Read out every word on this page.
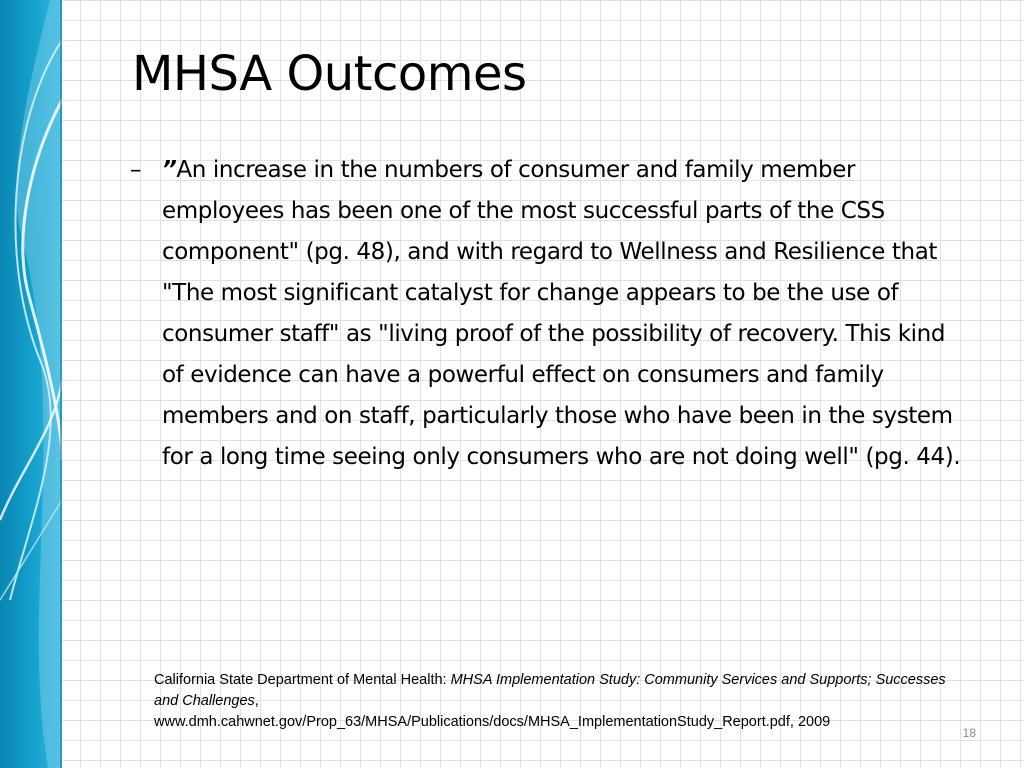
MHSA Outcomes
– ”An increase in the numbers of consumer and family member employees has been one of the most successful parts of the CSS component" (pg. 48), and with regard to Wellness and Resilience that "The most significant catalyst for change appears to be the use of consumer staff" as "living proof of the possibility of recovery. This kind of evidence can have a powerful effect on consumers and family members and on staff, particularly those who have been in the system for a long time seeing only consumers who are not doing well" (pg. 44).
California State Department of Mental Health: MHSA Implementation Study: Community Services and Supports; Successes and Challenges,
www.dmh.cahwnet.gov/Prop_63/MHSA/Publications/docs/MHSA_ImplementationStudy_Report.pdf, 2009
18
